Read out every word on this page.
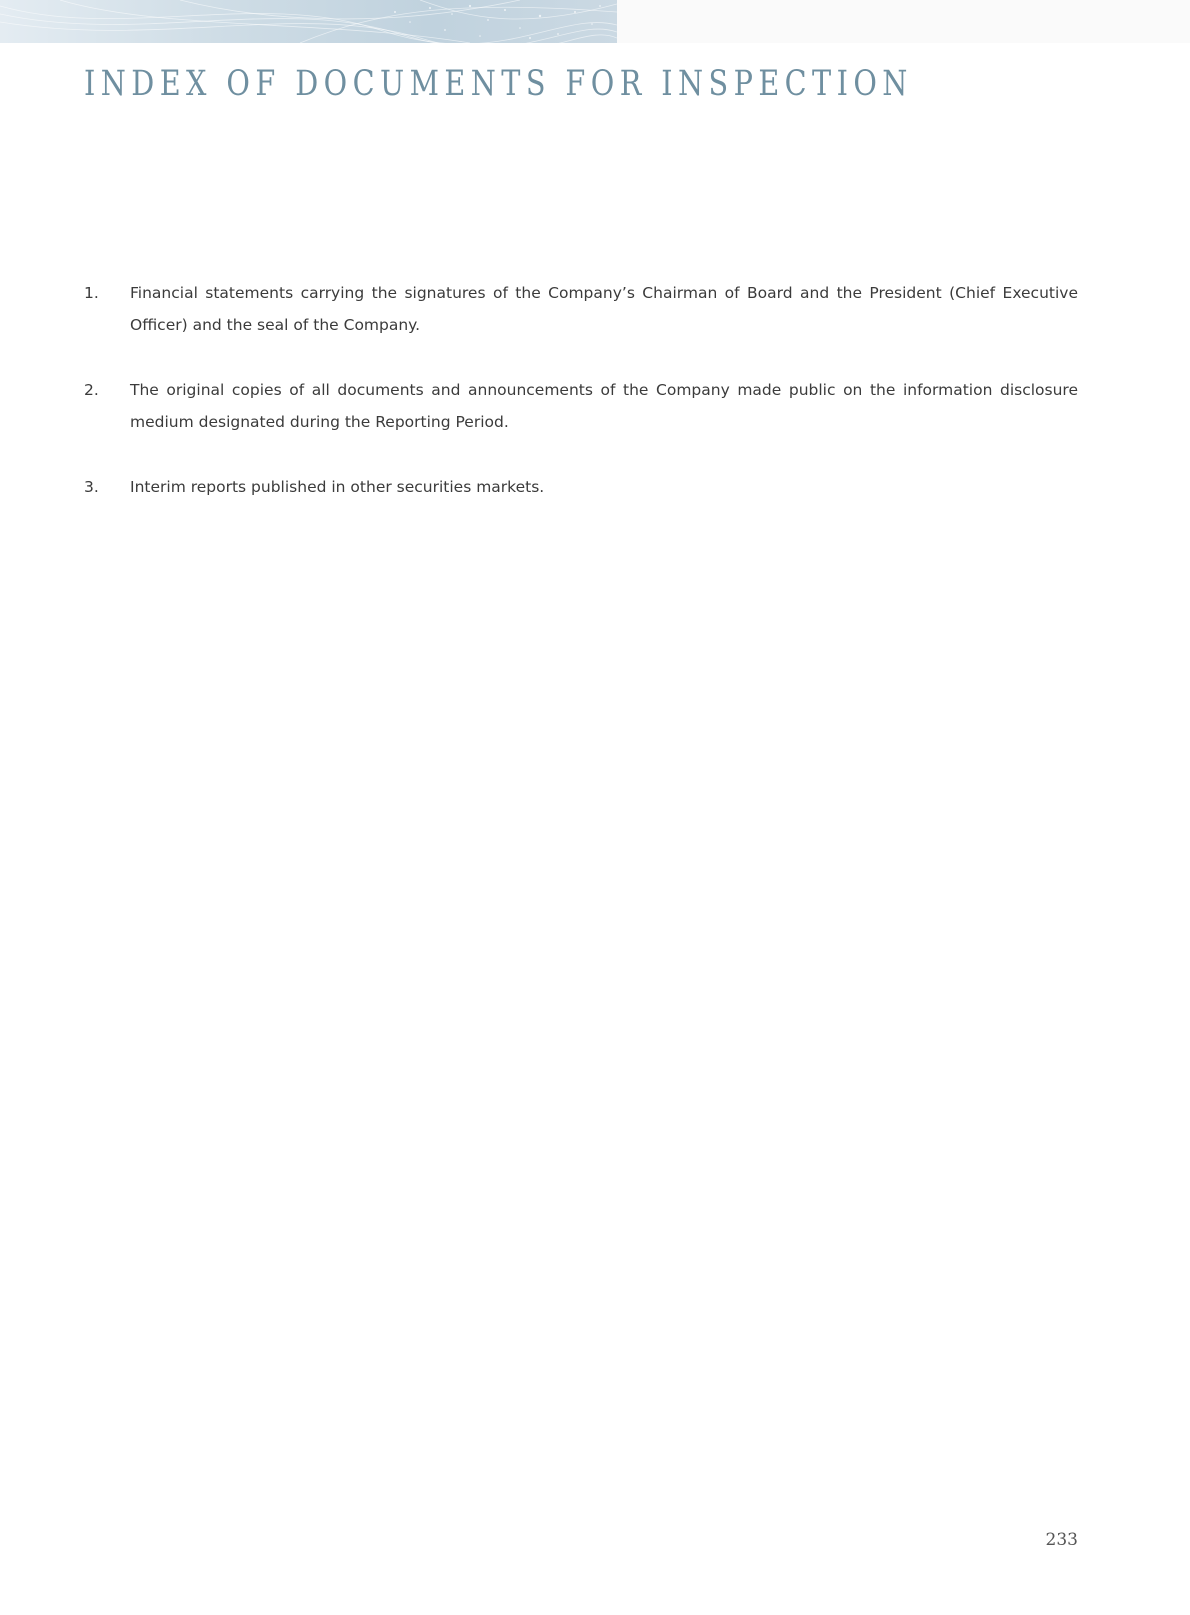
INDEX OF DOCUMENTS FOR INSPECTION
1.	Financial statements carrying the signatures of the Company’s Chairman of Board and the President (Chief Executive Officer) and the seal of the Company.
2.	The original copies of all documents and announcements of the Company made public on the information disclosure medium designated during the Reporting Period.
3.	Interim reports published in other securities markets.
233
